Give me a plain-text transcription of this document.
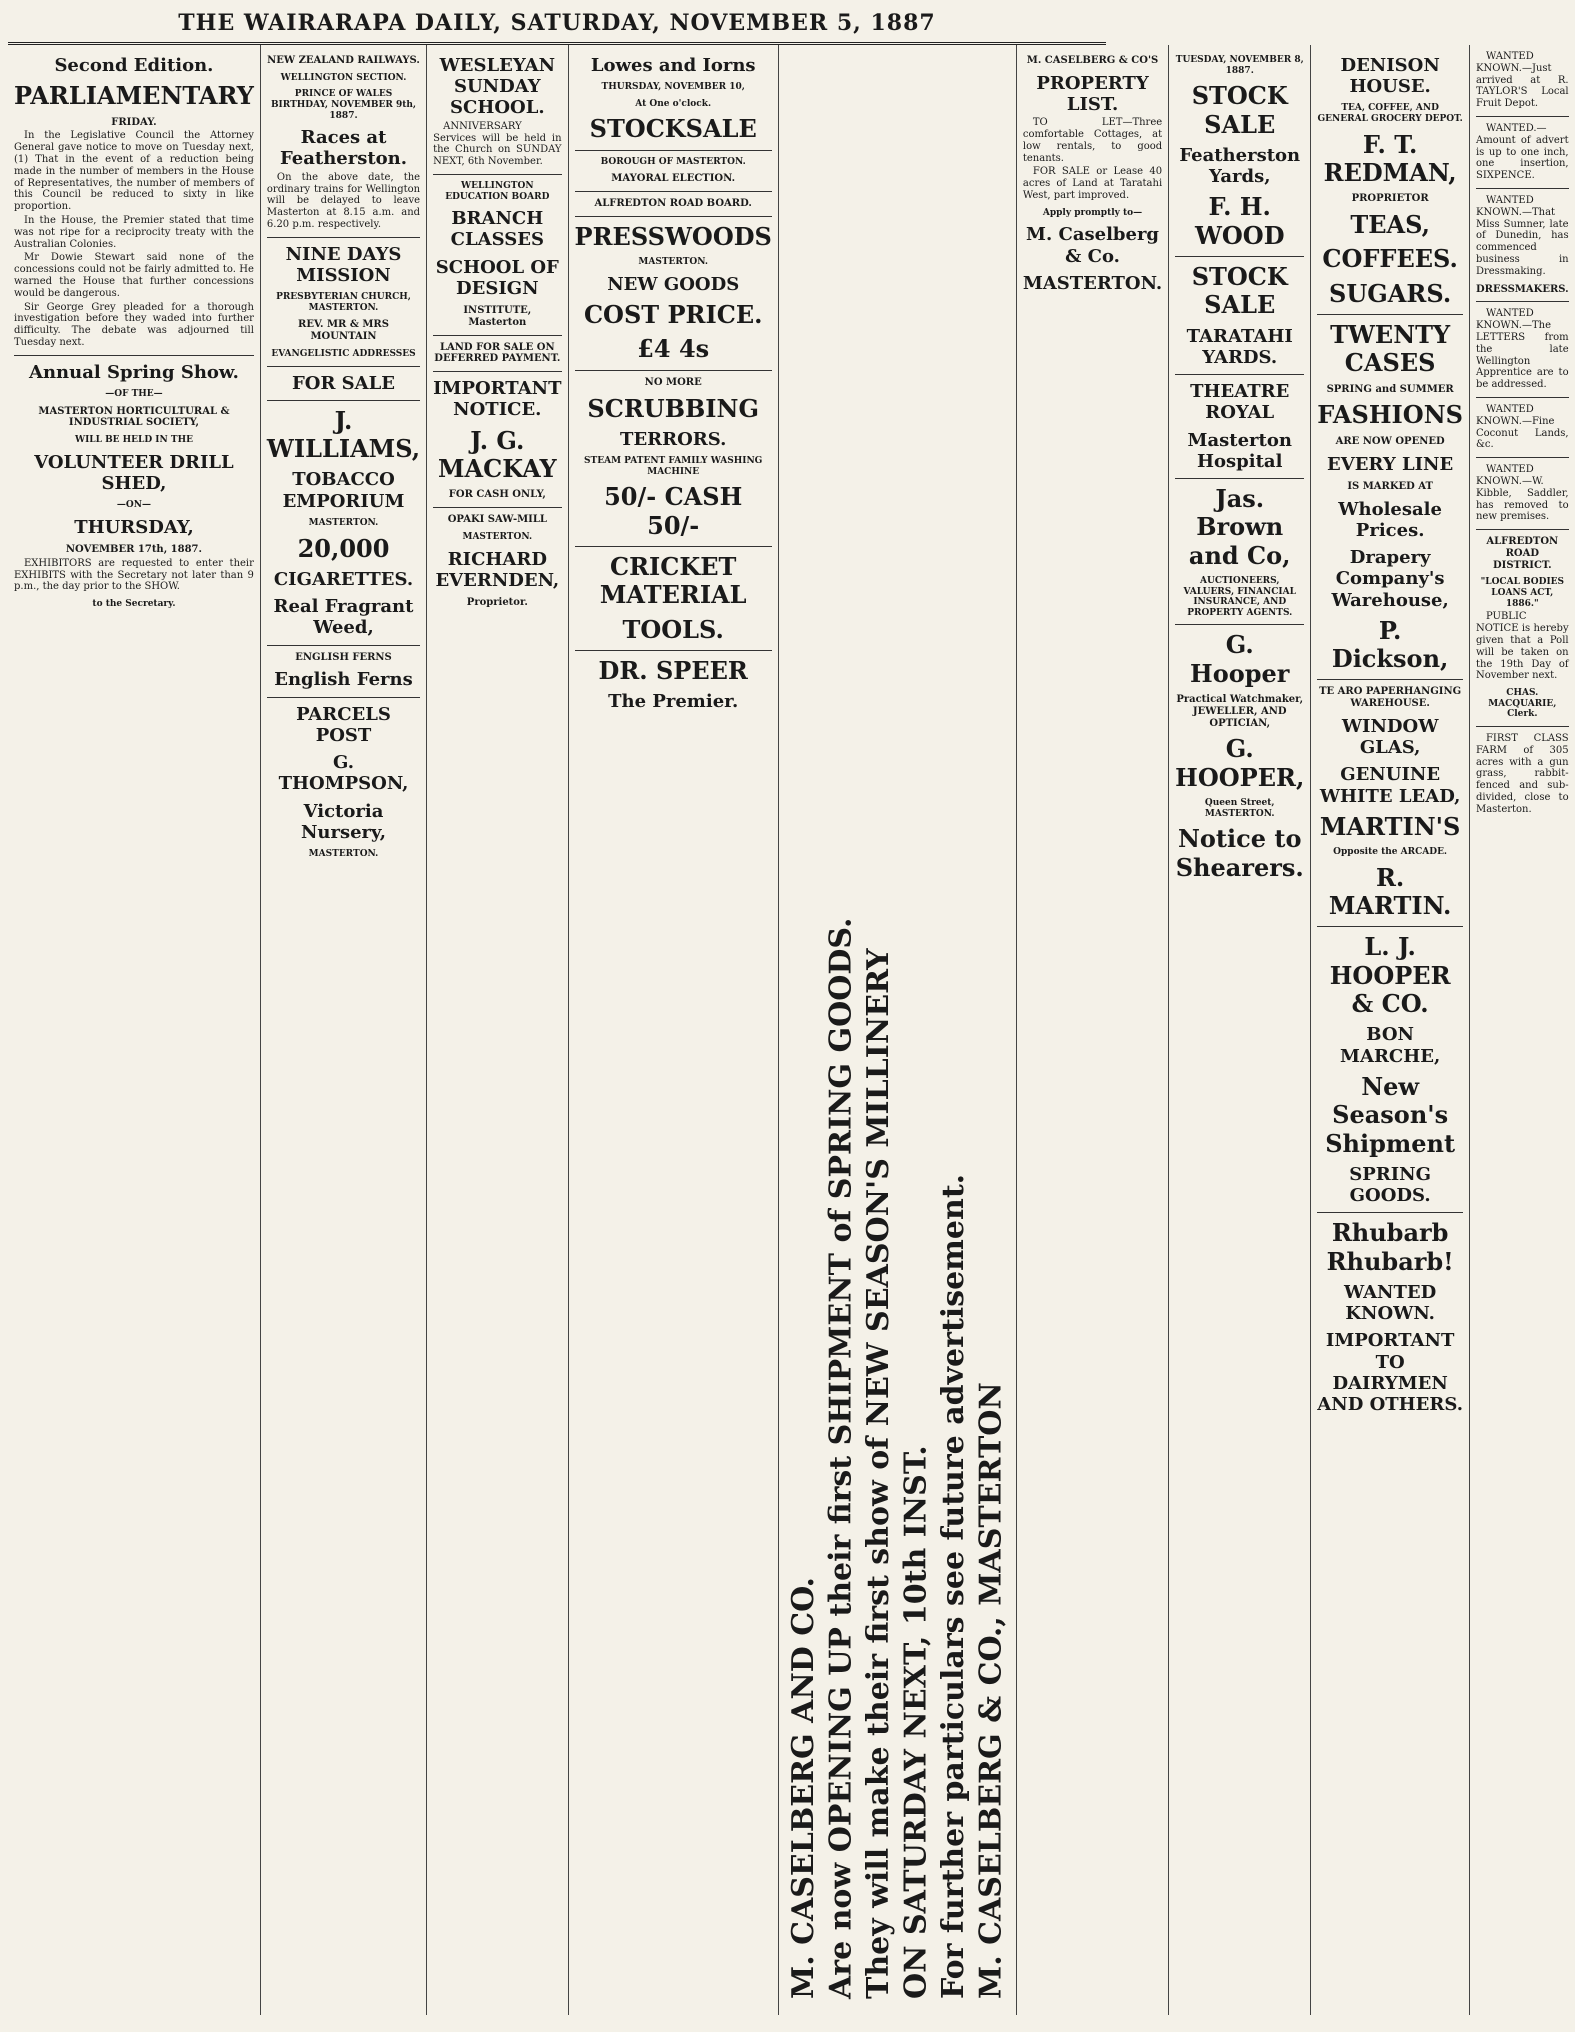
THE WAIRARAPA DAILY, SATURDAY, NOVEMBER 5, 1887
Second Edition.
PARLIAMENTARY
FRIDAY.

In the Legislative Council the Attorney General gave notice to move on Tuesday next, (1) That in the event of a reduction being made in the number of members in the House of Representatives, the number of members of this Council be reduced to sixty in like proportion.

In the House, the Premier stated that time was not ripe for a reciprocity treaty with the Australian Colonies.

Mr Dowie Stewart said none of the concessions could not be fairly admitted to. He warned the House that further concessions would be dangerous.

Sir George Grey pleaded for a thorough investigation before they waded into further difficulty. The debate was adjourned till Tuesday next.

Annual Spring Show.
—OF THE—
MASTERTON HORTICULTURAL & INDUSTRIAL SOCIETY,
WILL BE HELD IN THE
VOLUNTEER DRILL SHED,
—ON—
THURSDAY,
NOVEMBER 17th, 1887.

EXHIBITORS are requested to enter their EXHIBITS with the Secretary not later than 9 p.m., the day prior to the SHOW.

to the Secretary.
NEW ZEALAND RAILWAYS.
WELLINGTON SECTION.
PRINCE OF WALES BIRTHDAY, NOVEMBER 9th, 1887.
Races at Featherston.

On the above date, the ordinary trains for Wellington will be delayed to leave Masterton at 8.15 a.m. and 6.20 p.m. respectively.

NINE DAYS MISSION
PRESBYTERIAN CHURCH, MASTERTON.
REV. MR & MRS MOUNTAIN
EVANGELISTIC ADDRESSES
FOR SALE
J. WILLIAMS,
TOBACCO EMPORIUM
MASTERTON.
20,000
CIGARETTES.
Real Fragrant Weed,
ENGLISH FERNS
English Ferns
PARCELS POST
G. THOMPSON,
Victoria Nursery,
MASTERTON.
WESLEYAN SUNDAY SCHOOL.

ANNIVERSARY Services will be held in the Church on SUNDAY NEXT, 6th November.

WELLINGTON EDUCATION BOARD
BRANCH CLASSES
SCHOOL OF DESIGN
INSTITUTE, Masterton
LAND FOR SALE ON DEFERRED PAYMENT.
IMPORTANT NOTICE.
J. G. MACKAY
FOR CASH ONLY,
OPAKI SAW-MILL
MASTERTON.
RICHARD EVERNDEN,
Proprietor.
Lowes and Iorns
THURSDAY, NOVEMBER 10,
At One o'clock.
STOCKSALE
BOROUGH OF MASTERTON.
MAYORAL ELECTION.
ALFREDTON ROAD BOARD.
PRESSWOODS
MASTERTON.
NEW GOODS
COST PRICE.
£4 4s
NO MORE
SCRUBBING
TERRORS.
STEAM PATENT FAMILY WASHING MACHINE
50/- CASH 50/-
CRICKET MATERIAL
TOOLS.
DR. SPEER
The Premier.
M. CASELBERG AND CO. Are now OPENING UP their first SHIPMENT of SPRING GOODS. They will make their first show of NEW SEASON'S MILLINERY ON SATURDAY NEXT, 10th INST. For further particulars see future advertisement. M. CASELBERG & CO., MASTERTON
M. CASELBERG & CO'S
PROPERTY LIST.

TO LET—Three comfortable Cottages, at low rentals, to good tenants.

FOR SALE or Lease 40 acres of Land at Taratahi West, part improved.

Apply promptly to—
M. Caselberg & Co.
MASTERTON.
TUESDAY, NOVEMBER 8, 1887.
STOCK SALE
Featherston Yards,
F. H. WOOD
STOCK SALE
TARATAHI YARDS.
THEATRE ROYAL
Masterton Hospital
Jas. Brown and Co,
AUCTIONEERS, VALUERS, FINANCIAL INSURANCE, AND PROPERTY AGENTS.
G. Hooper
Practical Watchmaker, JEWELLER, AND OPTICIAN,
G. HOOPER,
Queen Street, MASTERTON.
Notice to Shearers.
DENISON HOUSE.
TEA, COFFEE, AND GENERAL GROCERY DEPOT.
F. T. REDMAN,
PROPRIETOR
TEAS,
COFFEES.
SUGARS.
TWENTY CASES
SPRING and SUMMER
FASHIONS
ARE NOW OPENED
EVERY LINE
IS MARKED AT
Wholesale Prices.
Drapery Company's Warehouse,
P. Dickson,
TE ARO PAPERHANGING WAREHOUSE.
WINDOW GLAS,
GENUINE WHITE LEAD,
MARTIN'S
Opposite the ARCADE.
R. MARTIN.
L. J. HOOPER & CO.
BON MARCHE,
New Season's Shipment
SPRING GOODS.
Rhubarb Rhubarb!
WANTED KNOWN.
IMPORTANT TO DAIRYMEN AND OTHERS.

WANTED KNOWN.—Just arrived at R. TAYLOR'S Local Fruit Depot.

WANTED.—Amount of advert is up to one inch, one insertion, SIXPENCE.

WANTED KNOWN.—That Miss Sumner, late of Dunedin, has commenced business in Dressmaking.

DRESSMAKERS.

WANTED KNOWN.—The LETTERS from the late Wellington Apprentice are to be addressed.

WANTED KNOWN.—Fine Coconut Lands, &c.

WANTED KNOWN.—W. Kibble, Saddler, has removed to new premises.

ALFREDTON ROAD DISTRICT.
"LOCAL BODIES LOANS ACT, 1886."

PUBLIC NOTICE is hereby given that a Poll will be taken on the 19th Day of November next.

CHAS. MACQUARIE, Clerk.

FIRST CLASS FARM of 305 acres with a gun grass, rabbit-fenced and sub-divided, close to Masterton.
